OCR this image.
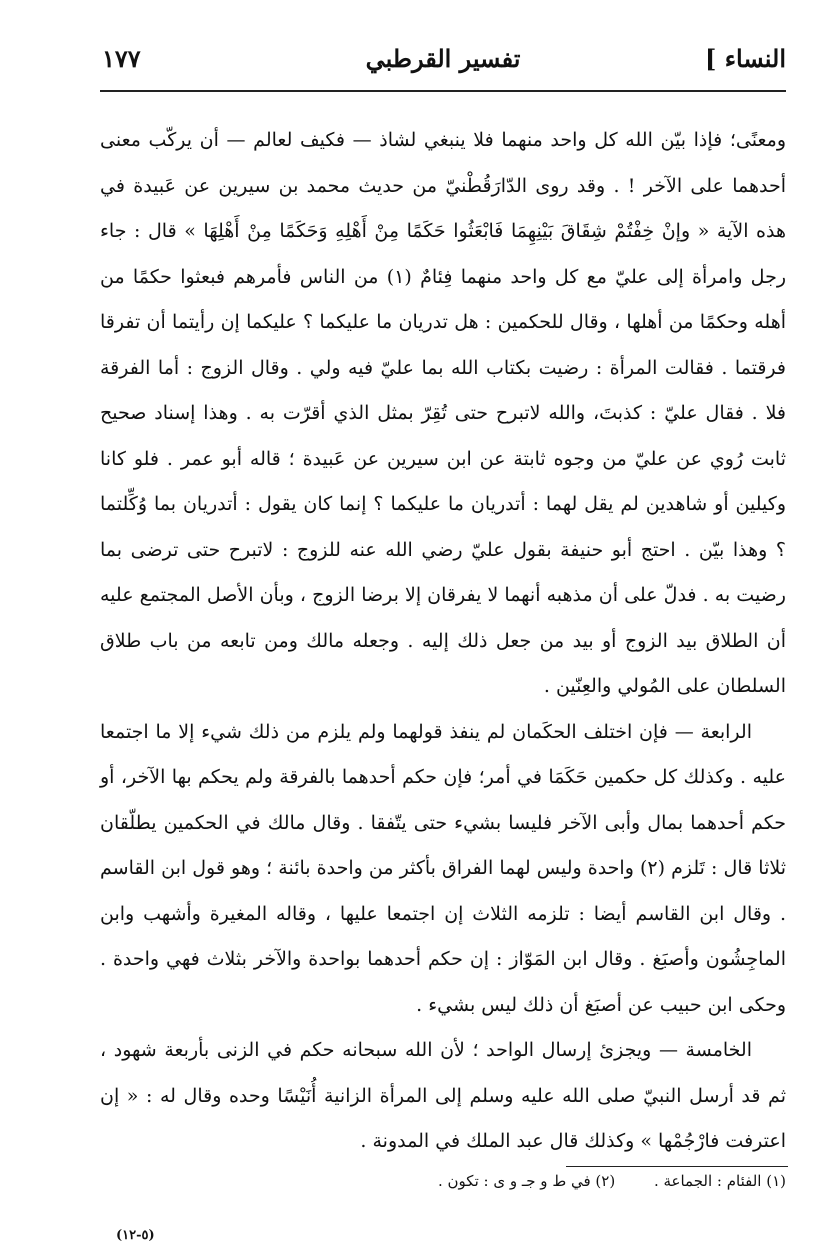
النساء ]
تفسير القرطبي
١٧٧

ومعنًى؛ فإذا بيّن الله كل واحد منهما فلا ينبغي لشاذ — فكيف لعالم — أن يركّب معنى أحدهما على الآخر ! . وقد روى الدّارَقُطْنيّ من حديث محمد بن سيرين عن عَبيدة في هذه الآية « وإنْ خِفْتُمْ شِقَاقَ بَيْنِهِمَا فَابْعَثُوا حَكَمًا مِنْ أَهْلِهِ وَحَكَمًا مِنْ أَهْلِهَا » قال : جاء رجل وامرأة إلى عليّ مع كل واحد منهما فِئامٌ (١) من الناس فأمرهم فبعثوا حكمًا من أهله وحكمًا من أهلها ، وقال للحكمين : هل تدريان ما عليكما ؟ عليكما إن رأيتما أن تفرقا فرقتما . فقالت المرأة : رضيت بكتاب الله بما عليّ فيه ولي . وقال الزوج : أما الفرقة فلا . فقال عليّ : كذبتَ، والله لاتبرح حتى تُقِرّ بمثل الذي أقرّت به . وهذا إسناد صحيح ثابت رُوي عن عليّ من وجوه ثابتة عن ابن سيرين عن عَبيدة ؛ قاله أبو عمر . فلو كانا وكيلين أو شاهدين لم يقل لهما : أتدريان ما عليكما ؟ إنما كان يقول : أتدريان بما وُكِّلتما ؟ وهذا بيّن . احتج أبو حنيفة بقول عليّ رضي الله عنه للزوج : لاتبرح حتى ترضى بما رضيت به . فدلّ على أن مذهبه أنهما لا يفرقان إلا برضا الزوج ، وبأن الأصل المجتمع عليه أن الطلاق بيد الزوج أو بيد من جعل ذلك إليه . وجعله مالك ومن تابعه من باب طلاق السلطان على المُولي والعِنّين .

الرابعة — فإن اختلف الحكَمان لم ينفذ قولهما ولم يلزم من ذلك شيء إلا ما اجتمعا عليه . وكذلك كل حكمين حَكَمَا في أمر؛ فإن حكم أحدهما بالفرقة ولم يحكم بها الآخر، أو حكم أحدهما بمال وأبى الآخر فليسا بشيء حتى يتّفقا . وقال مالك في الحكمين يطلّقان ثلاثا قال : تَلزم (٢) واحدة وليس لهما الفراق بأكثر من واحدة بائنة ؛ وهو قول ابن القاسم . وقال ابن القاسم أيضا : تلزمه الثلاث إن اجتمعا عليها ، وقاله المغيرة وأشهب وابن الماجِشُون وأصبَغ . وقال ابن المَوّاز : إن حكم أحدهما بواحدة والآخر بثلاث فهي واحدة . وحكى ابن حبيب عن أصبَغ أن ذلك ليس بشيء .

الخامسة — ويجزئ إرسال الواحد ؛ لأن الله سبحانه حكم في الزنى بأربعة شهود ، ثم قد أرسل النبيّ صلى الله عليه وسلم إلى المرأة الزانية أُنَيْسًا وحده وقال له : « إن اعترفت فارْجُمْها » وكذلك قال عبد الملك في المدونة .

(١) الفئام : الجماعة . (٢) في ط و جـ و ى : تكون .
(٥-١٢)
